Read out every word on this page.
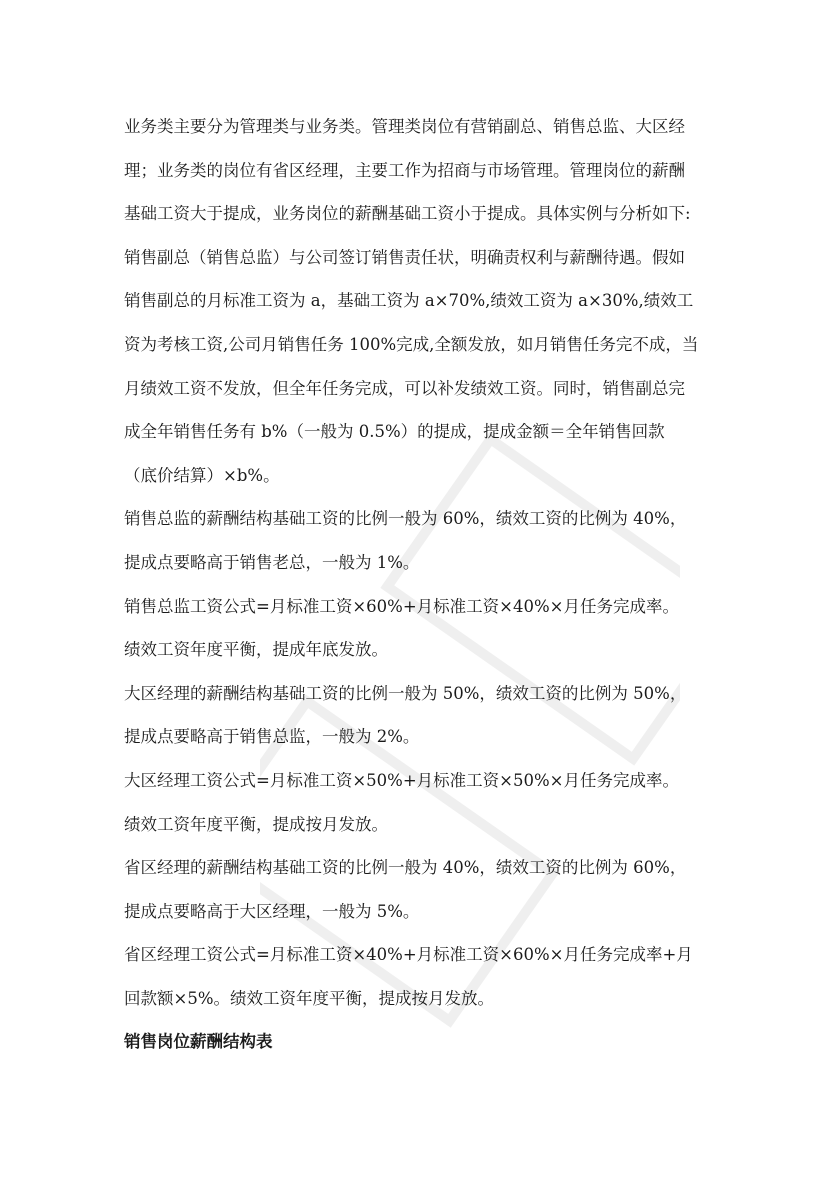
业务类主要分为管理类与业务类。管理类岗位有营销副总、销售总监、大区经

理；业务类的岗位有省区经理，主要工作为招商与市场管理。管理岗位的薪酬

基础工资大于提成，业务岗位的薪酬基础工资小于提成。具体实例与分析如下:

销售副总（销售总监）与公司签订销售责任状，明确责权利与薪酬待遇。假如

销售副总的月标准工资为 a，基础工资为 a×70%,绩效工资为 a×30%,绩效工

资为考核工资,公司月销售任务 100%完成,全额发放，如月销售任务完不成，当

月绩效工资不发放，但全年任务完成，可以补发绩效工资。同时，销售副总完

成全年销售任务有 b%（一般为 0.5%）的提成，提成金额＝全年销售回款

（底价结算）×b%。

销售总监的薪酬结构基础工资的比例一般为 60%，绩效工资的比例为 40%，

提成点要略高于销售老总，一般为 1%。

销售总监工资公式=月标准工资×60%+月标准工资×40%×月任务完成率。

绩效工资年度平衡，提成年底发放。

大区经理的薪酬结构基础工资的比例一般为 50%，绩效工资的比例为 50%，

提成点要略高于销售总监，一般为 2%。

大区经理工资公式=月标准工资×50%+月标准工资×50%×月任务完成率。

绩效工资年度平衡，提成按月发放。

省区经理的薪酬结构基础工资的比例一般为 40%，绩效工资的比例为 60%，

提成点要略高于大区经理，一般为 5%。

省区经理工资公式=月标准工资×40%+月标准工资×60%×月任务完成率+月

回款额×5%。绩效工资年度平衡，提成按月发放。

销售岗位薪酬结构表
